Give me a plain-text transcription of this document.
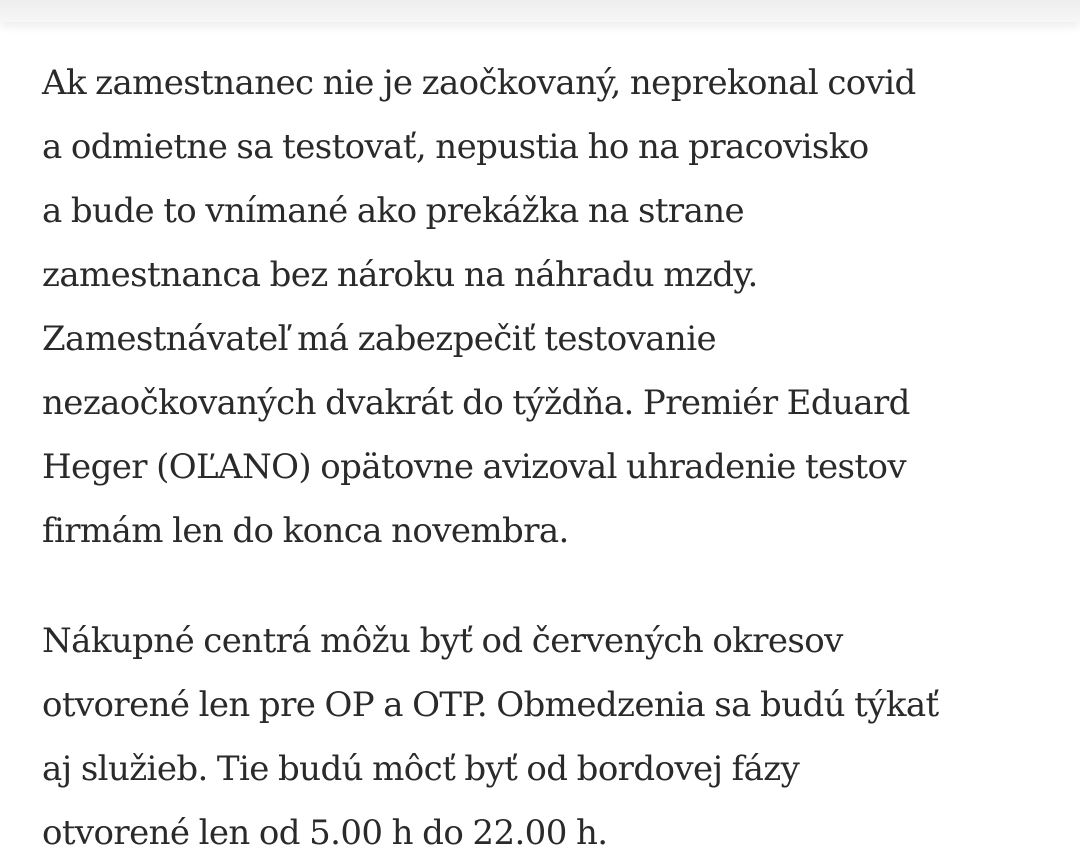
Ak zamestnanec nie je zaočkovaný, neprekonal covid
a odmietne sa testovať, nepustia ho na pracovisko
a bude to vnímané ako prekážka na strane
zamestnanca bez nároku na náhradu mzdy.
Zamestnávateľ má zabezpečiť testovanie
nezaočkovaných dvakrát do týždňa. Premiér Eduard
Heger (OĽANO) opätovne avizoval uhradenie testov
firmám len do konca novembra.
Nákupné centrá môžu byť od červených okresov
otvorené len pre OP a OTP. Obmedzenia sa budú týkať
aj služieb. Tie budú môcť byť od bordovej fázy
otvorené len od 5.00 h do 22.00 h.
